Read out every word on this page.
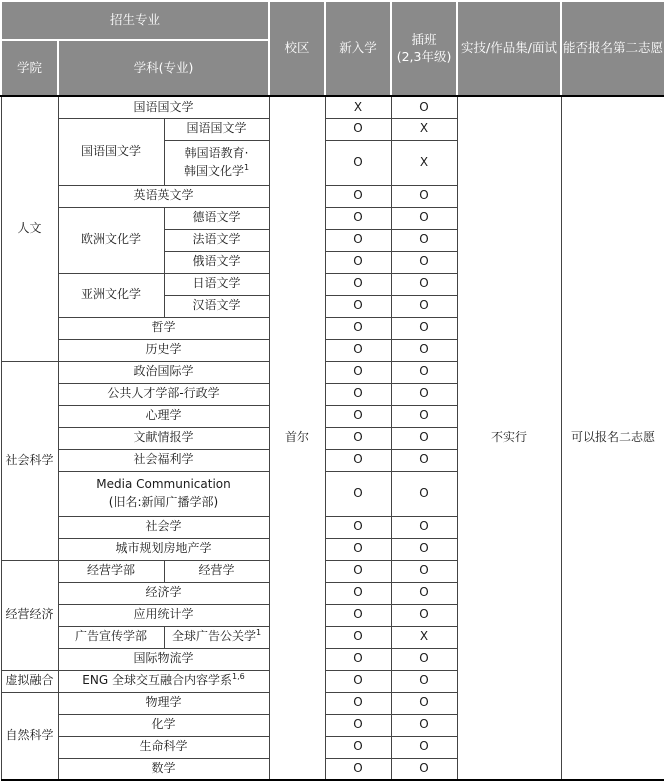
招生专业			校区	新入学	插班
(2,3年级)	实技/作品集/面试	能否报名第二志愿
学院	学科(专业)						
人文	国语国文学		首尔	X	O	不实行	可以报名二志愿
	国语国文学	国语国文学		O	X		

		韩国语教育·
韩国文化学$^1$		O	X		

	英语英文学			O	O		
	欧洲文化学	德语文学		O	O		

		法语文学		O	O		

		俄语文学		O	O		
	亚洲文化学	日语文学		O	O		

		汉语文学		O	O		

	哲学			O	O		

	历史学			O	O		
社会科学	政治国际学			O	O		

	公共人才学部-行政学			O	O		

	心理学			O	O		

	文献情报学			O	O		

	社会福利学			O	O		

	Media Communication
(旧名:新闻广播学部)			O	O		

	社会学			O	O		

	城市规划房地产学			O	O		
经营经济	经营学部	经营学		O	O		

	经济学			O	O		

	应用统计学			O	O		
	广告宣传学部	全球广告公关学$^1$		O	X		

	国际物流学			O	O		
虚拟融合	ENG 全球交互融合内容学系$^{1,6}$			O	O		
自然科学	物理学			O	O		

	化学			O	O		

	生命科学			O	O		

	数学			O	O		
